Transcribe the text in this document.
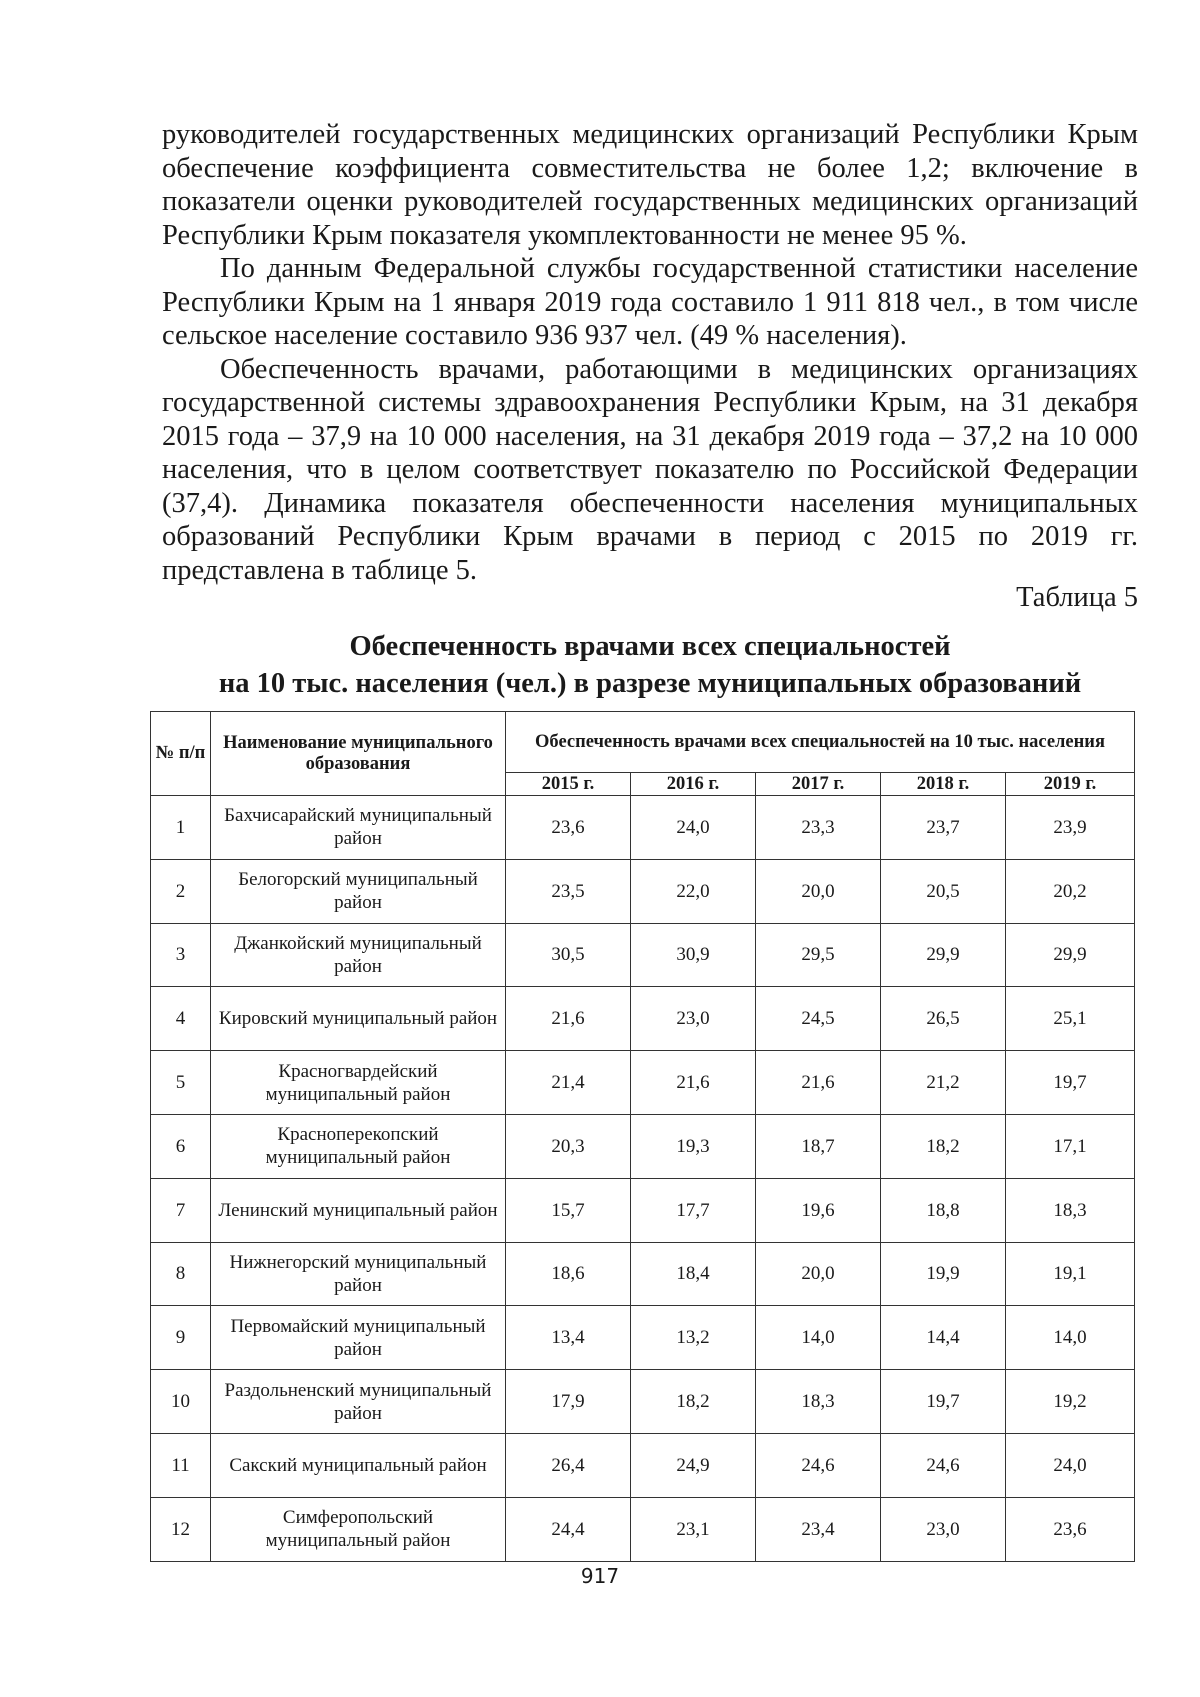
руководителей государственных медицинских организаций Республики Крым обеспечение коэффициента совместительства не более 1,2; включение в показатели оценки руководителей государственных медицинских организаций Республики Крым показателя укомплектованности не менее 95 %.

По данным Федеральной службы государственной статистики население Республики Крым на 1 января 2019 года составило 1 911 818 чел., в том числе сельское население составило 936 937 чел. (49 % населения).

Обеспеченность врачами, работающими в медицинских организациях государственной системы здравоохранения Республики Крым, на 31 декабря 2015 года – 37,9 на 10 000 населения, на 31 декабря 2019 года – 37,2 на 10 000 населения, что в целом соответствует показателю по Российской Федерации (37,4). Динамика показателя обеспеченности населения муниципальных образований Республики Крым врачами в период с 2015 по 2019 гг. представлена в таблице 5.

Таблица 5
Обеспеченность врачами всех специальностей
на 10 тыс. населения (чел.) в разрезе муниципальных образований
№ п/п	Наименование муниципального образования	Обеспеченность врачами всех специальностей на 10 тыс. населения				
		2015 г.	2016 г.	2017 г.	2018 г.	2019 г.
1	Бахчисарайский муниципальный район	23,6	24,0	23,3	23,7	23,9
2	Белогорский муниципальный район	23,5	22,0	20,0	20,5	20,2
3	Джанкойский муниципальный район	30,5	30,9	29,5	29,9	29,9
4	Кировский муниципальный район	21,6	23,0	24,5	26,5	25,1
5	Красногвардейский муниципальный район	21,4	21,6	21,6	21,2	19,7
6	Красноперекопский муниципальный район	20,3	19,3	18,7	18,2	17,1
7	Ленинский муниципальный район	15,7	17,7	19,6	18,8	18,3
8	Нижнегорский муниципальный район	18,6	18,4	20,0	19,9	19,1
9	Первомайский муниципальный район	13,4	13,2	14,0	14,4	14,0
10	Раздольненский муниципальный район	17,9	18,2	18,3	19,7	19,2
11	Сакский муниципальный район	26,4	24,9	24,6	24,6	24,0
12	Симферопольский муниципальный район	24,4	23,1	23,4	23,0	23,6
917
